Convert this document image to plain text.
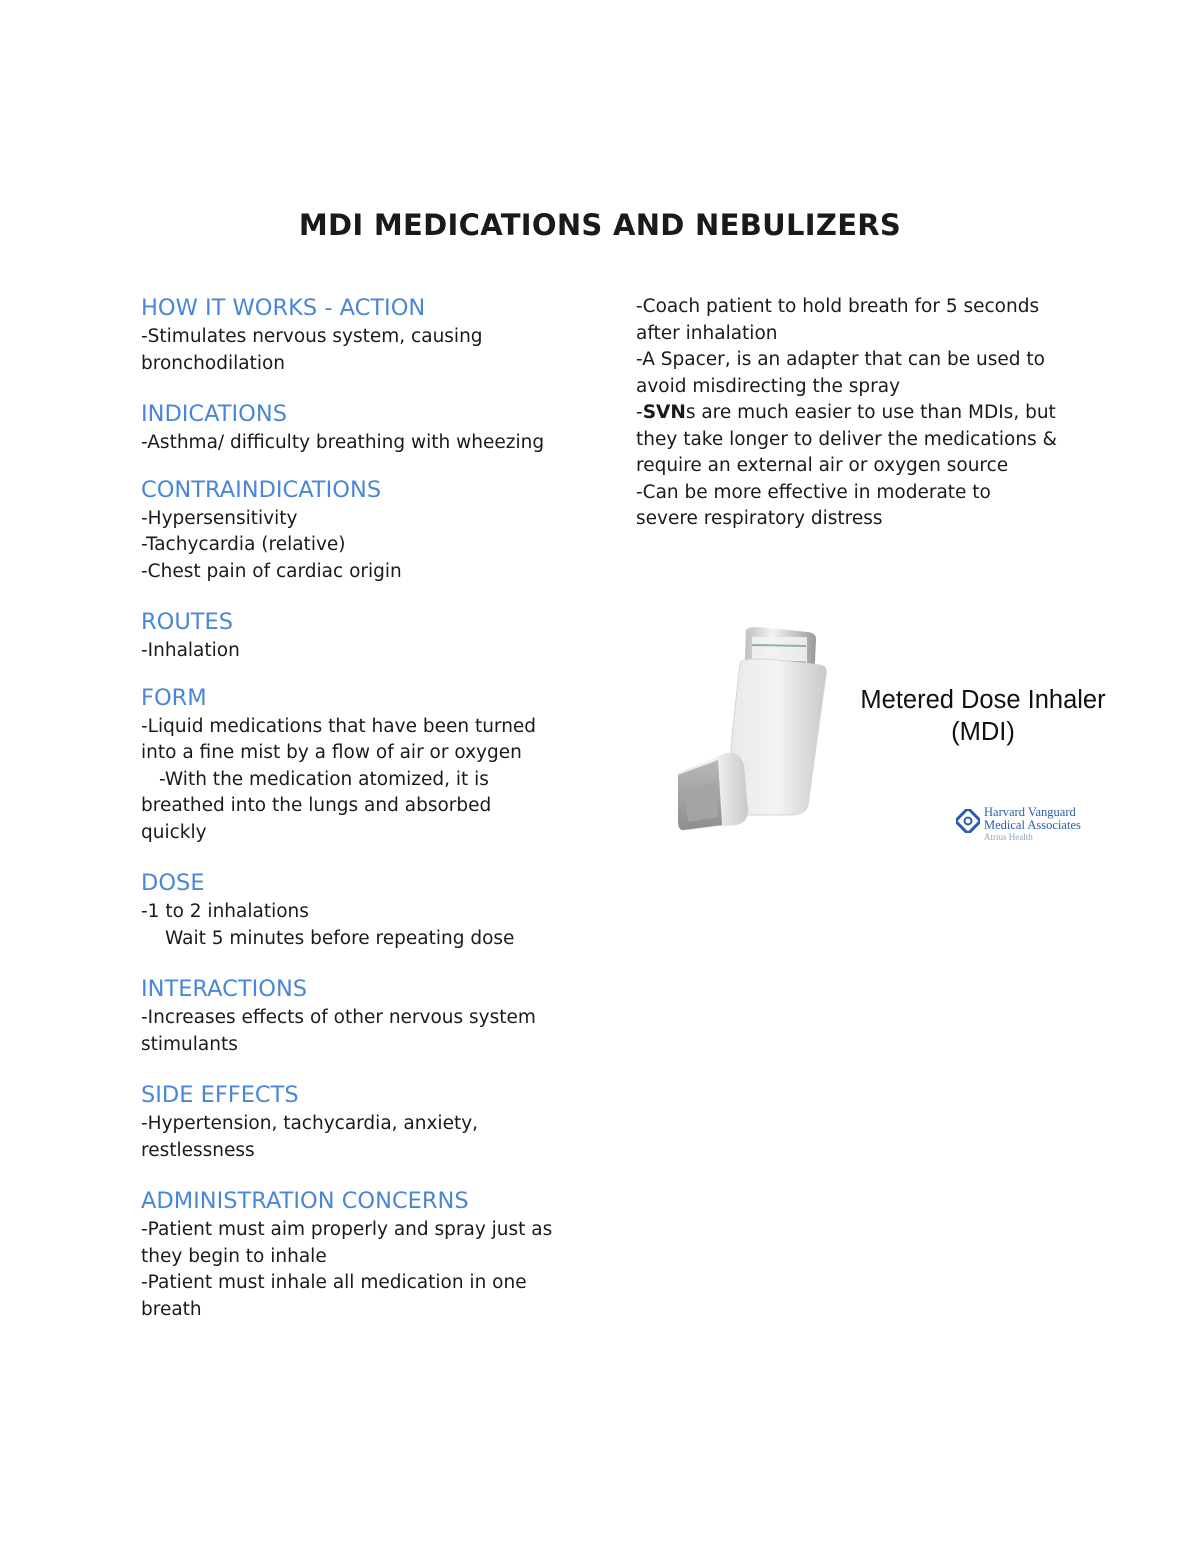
MDI MEDICATIONS AND NEBULIZERS

HOW IT WORKS - ACTION

-Stimulates nervous system, causing

bronchodilation

INDICATIONS

-Asthma/ difficulty breathing with wheezing

CONTRAINDICATIONS

-Hypersensitivity

-Tachycardia (relative)

-Chest pain of cardiac origin

ROUTES

-Inhalation

FORM

-Liquid medications that have been turned

into a fine mist by a flow of air or oxygen

-With the medication atomized, it is

breathed into the lungs and absorbed

quickly

DOSE

-1 to 2 inhalations

Wait 5 minutes before repeating dose

INTERACTIONS

-Increases effects of other nervous system

stimulants

SIDE EFFECTS

-Hypertension, tachycardia, anxiety,

restlessness

ADMINISTRATION CONCERNS

-Patient must aim properly and spray just as

they begin to inhale

-Patient must inhale all medication in one

breath

-Coach patient to hold breath for 5 seconds

after inhalation

-A Spacer, is an adapter that can be used to

avoid misdirecting the spray

-SVNs are much easier to use than MDIs, but

they take longer to deliver the medications &

require an external air or oxygen source

-Can be more effective in moderate to

severe respiratory distress

Metered Dose Inhaler
(MDI)
Harvard Vanguard
Medical Associates
Atrius Health
